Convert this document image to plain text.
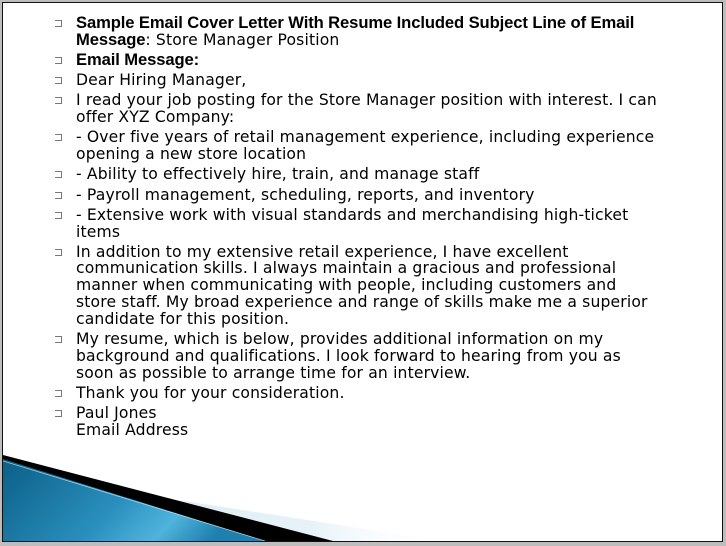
Sample Email Cover Letter With Resume Included Subject Line of Email
Message: Store Manager Position
Email Message:
Dear Hiring Manager,
I read your job posting for the Store Manager position with interest. I can
offer XYZ Company:
- Over five years of retail management experience, including experience
opening a new store location
- Ability to effectively hire, train, and manage staff
- Payroll management, scheduling, reports, and inventory
- Extensive work with visual standards and merchandising high-ticket
items
In addition to my extensive retail experience, I have excellent
communication skills. I always maintain a gracious and professional
manner when communicating with people, including customers and
store staff. My broad experience and range of skills make me a superior
candidate for this position.
My resume, which is below, provides additional information on my
background and qualifications. I look forward to hearing from you as
soon as possible to arrange time for an interview.
Thank you for your consideration.
Paul Jones
Email Address
